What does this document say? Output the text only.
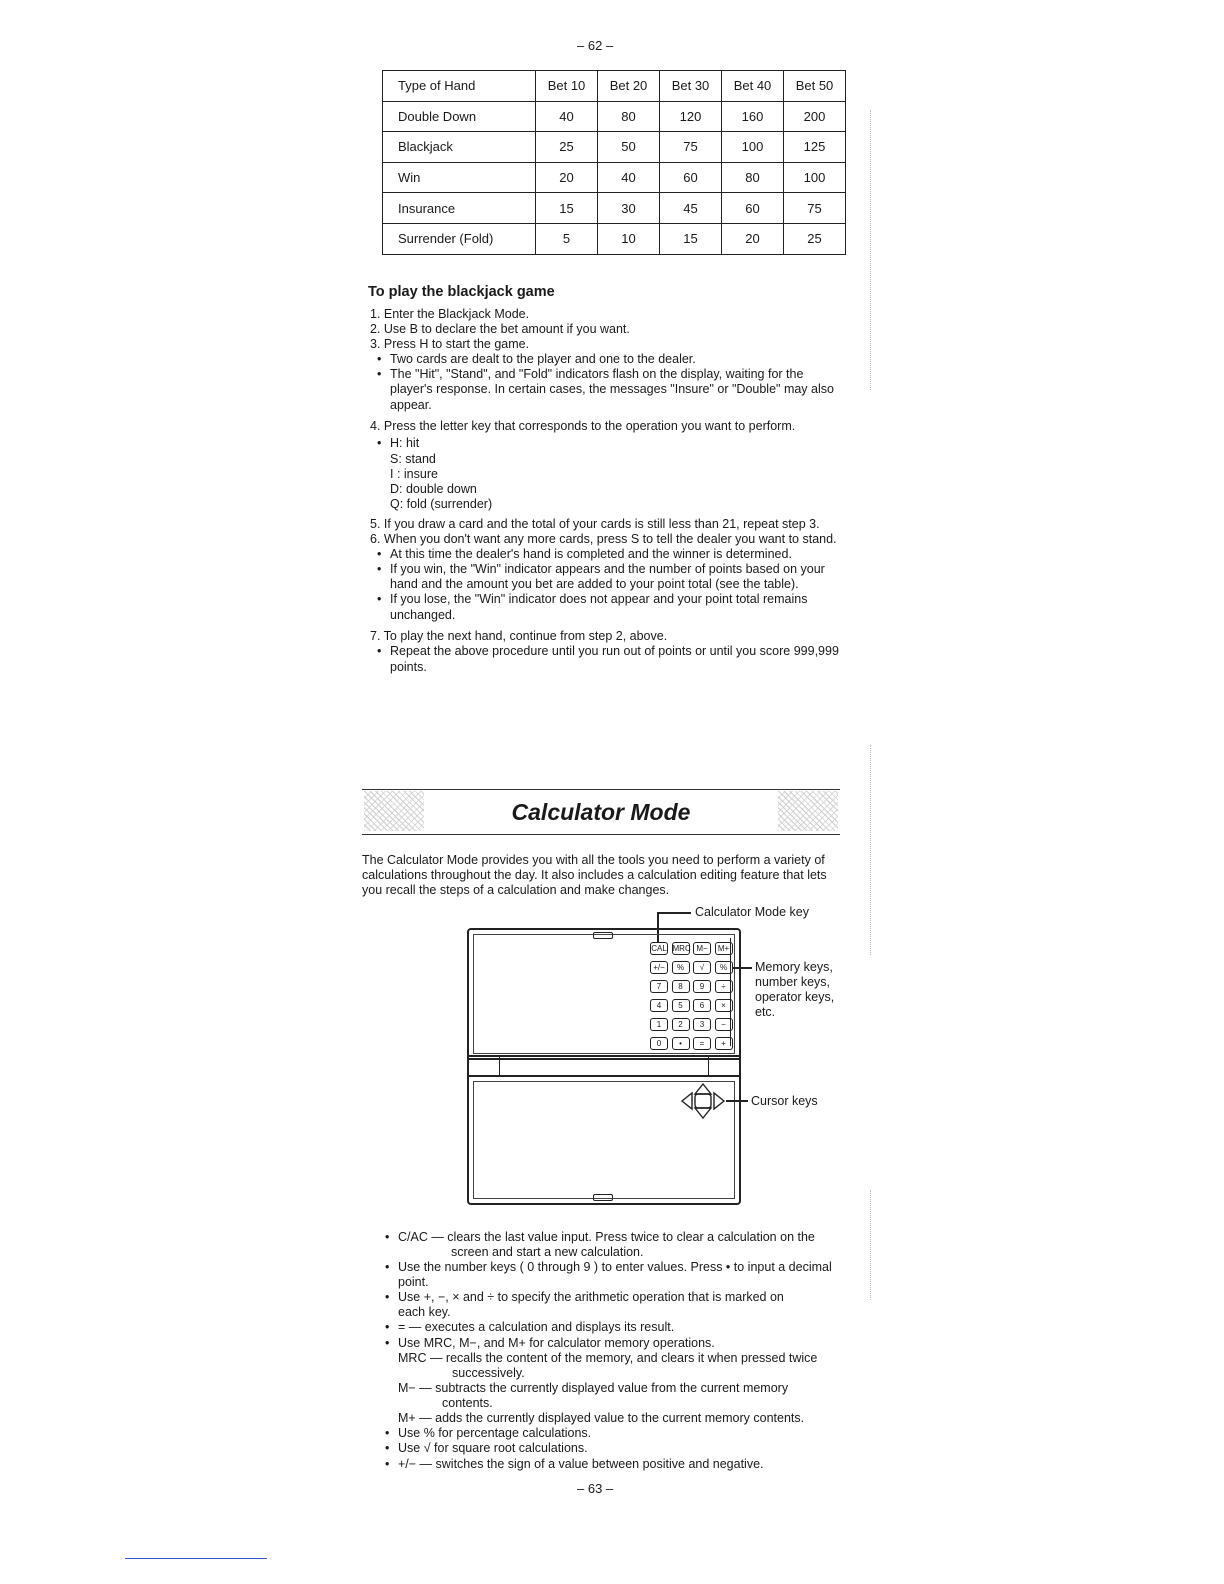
– 62 –
Type of Hand	Bet 10	Bet 20	Bet 30	Bet 40	Bet 50
Double Down	40	80	120	160	200
Blackjack	25	50	75	100	125
Win	20	40	60	80	100
Insurance	15	30	45	60	75
Surrender (Fold)	5	10	15	20	25
To play the blackjack game
1. Enter the Blackjack Mode.
2. Use B to declare the bet amount if you want.
3. Press H to start the game.
• Two cards are dealt to the player and one to the dealer.
• The "Hit", "Stand", and "Fold" indicators flash on the display, waiting for the
player's response. In certain cases, the messages "Insure" or "Double" may also
appear.
4. Press the letter key that corresponds to the operation you want to perform.
• H: hit
S: stand
I : insure
D: double down
Q: fold (surrender)
5. If you draw a card and the total of your cards is still less than 21, repeat step 3.
6. When you don't want any more cards, press S to tell the dealer you want to stand.
• At this time the dealer's hand is completed and the winner is determined.
• If you win, the "Win" indicator appears and the number of points based on your
hand and the amount you bet are added to your point total (see the table).
• If you lose, the "Win" indicator does not appear and your point total remains
unchanged.
7. To play the next hand, continue from step 2, above.
• Repeat the above procedure until you run out of points or until you score 999,999
points.
Calculator Mode
The Calculator Mode provides you with all the tools you need to perform a variety of
calculations throughout the day. It also includes a calculation editing feature that lets
you recall the steps of a calculation and make changes.
Calculator Mode key
CAL MRC M−	M+
+/−	%	√	%
7	8	9	÷
4	5	6	×
1	2	3	−
0	•	=	+
Memory keys,
number keys,
operator keys,
etc.
Cursor keys
• C/AC — clears the last value input. Press twice to clear a calculation on the
screen and start a new calculation.
• Use the number keys ( 0 through 9 ) to enter values. Press • to input a decimal
point.
• Use +, −, × and ÷ to specify the arithmetic operation that is marked on
each key.
• = — executes a calculation and displays its result.
• Use MRC, M−, and M+ for calculator memory operations.
MRC — recalls the content of the memory, and clears it when pressed twice
successively.
M− — subtracts the currently displayed value from the current memory
contents.
M+ — adds the currently displayed value to the current memory contents.
• Use % for percentage calculations.
• Use √ for square root calculations.
• +/− — switches the sign of a value between positive and negative.
– 63 –
